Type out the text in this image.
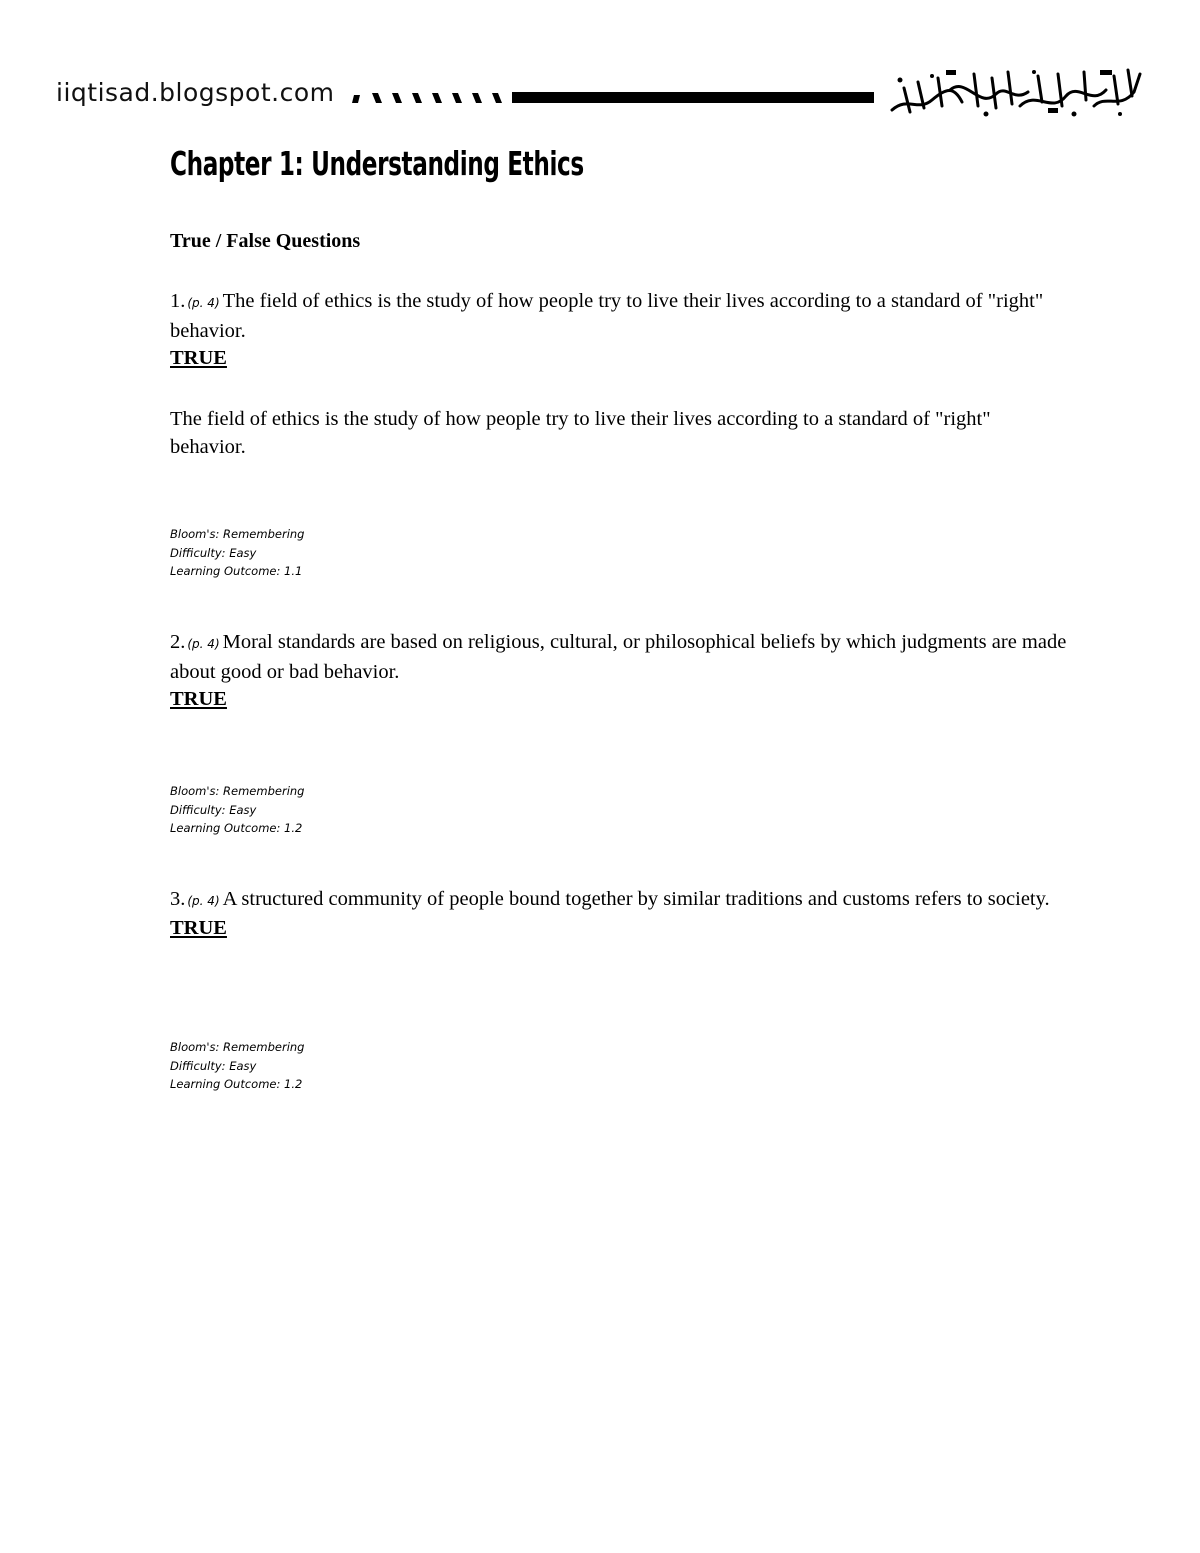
iiqtisad.blogspot.com
Chapter 1: Understanding Ethics
True / False Questions
1. (p. 4) The field of ethics is the study of how people try to live their lives according to a standard of "right" behavior.
TRUE
The field of ethics is the study of how people try to live their lives according to a standard of "right" behavior.
Bloom's: Remembering
Difficulty: Easy
Learning Outcome: 1.1
2. (p. 4) Moral standards are based on religious, cultural, or philosophical beliefs by which judgments are made about good or bad behavior.
TRUE
Bloom's: Remembering
Difficulty: Easy
Learning Outcome: 1.2
3. (p. 4) A structured community of people bound together by similar traditions and customs refers to society.
TRUE
Bloom's: Remembering
Difficulty: Easy
Learning Outcome: 1.2
